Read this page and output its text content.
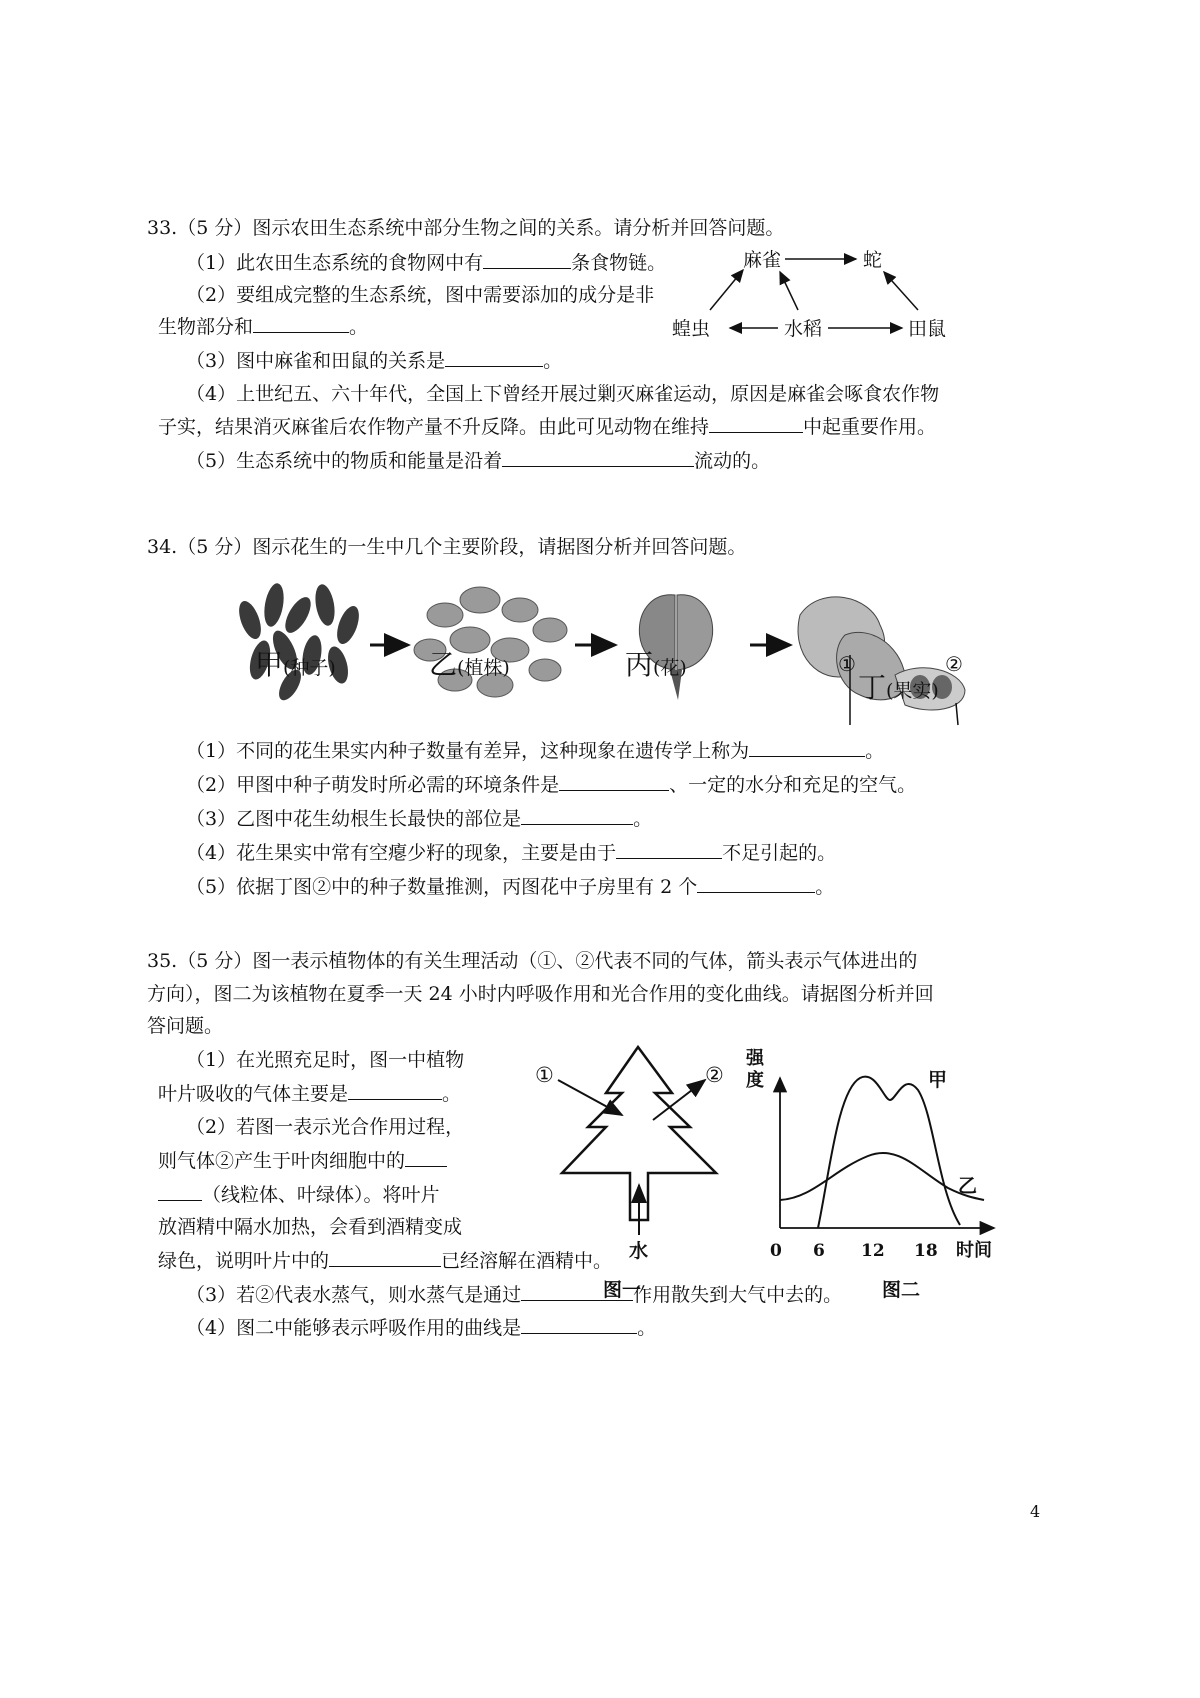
33.（5 分）图示农田生态系统中部分生物之间的关系。请分析并回答问题。
（1）此农田生态系统的食物网中有	条食物链。
（2）要组成完整的生态系统，图中需要添加的成分是非
生物部分和	。
（3）图中麻雀和田鼠的关系是	。
（4）上世纪五、六十年代，全国上下曾经开展过剿灭麻雀运动，原因是麻雀会啄食农作物
子实，结果消灭麻雀后农作物产量不升反降。由此可见动物在维持	中起重要作用。
（5）生态系统中的物质和能量是沿着	流动的。
麻雀	蛇
蝗虫	水稻	田鼠
34.（5 分）图示花生的一生中几个主要阶段，请据图分析并回答问题。
甲(种子)	乙(植株)	丙(花)	①	②
丁(果实)
（1）不同的花生果实内种子数量有差异，这种现象在遗传学上称为	。
（2）甲图中种子萌发时所必需的环境条件是	、一定的水分和充足的空气。
（3）乙图中花生幼根生长最快的部位是	。
（4）花生果实中常有空瘪少籽的现象，主要是由于	不足引起的。
（5）依据丁图②中的种子数量推测，丙图花中子房里有 2 个	。
35.（5 分）图一表示植物体的有关生理活动（①、②代表不同的气体，箭头表示气体进出的
方向），图二为该植物在夏季一天 24 小时内呼吸作用和光合作用的变化曲线。请据图分析并回
答问题。
（1）在光照充足时，图一中植物
叶片吸收的气体主要是	。
（2）若图一表示光合作用过程，
则气体②产生于叶肉细胞中的
（线粒体、叶绿体）。将叶片
放酒精中隔水加热，会看到酒精变成
绿色，说明叶片中的	已经溶解在酒精中。
（3）若②代表水蒸气，则水蒸气是通过	作用散失到大气中去的。
（4）图二中能够表示呼吸作用的曲线是	。
①	②
水
图一
甲
乙
0 6 12 18 时间
强
度
图二
4
